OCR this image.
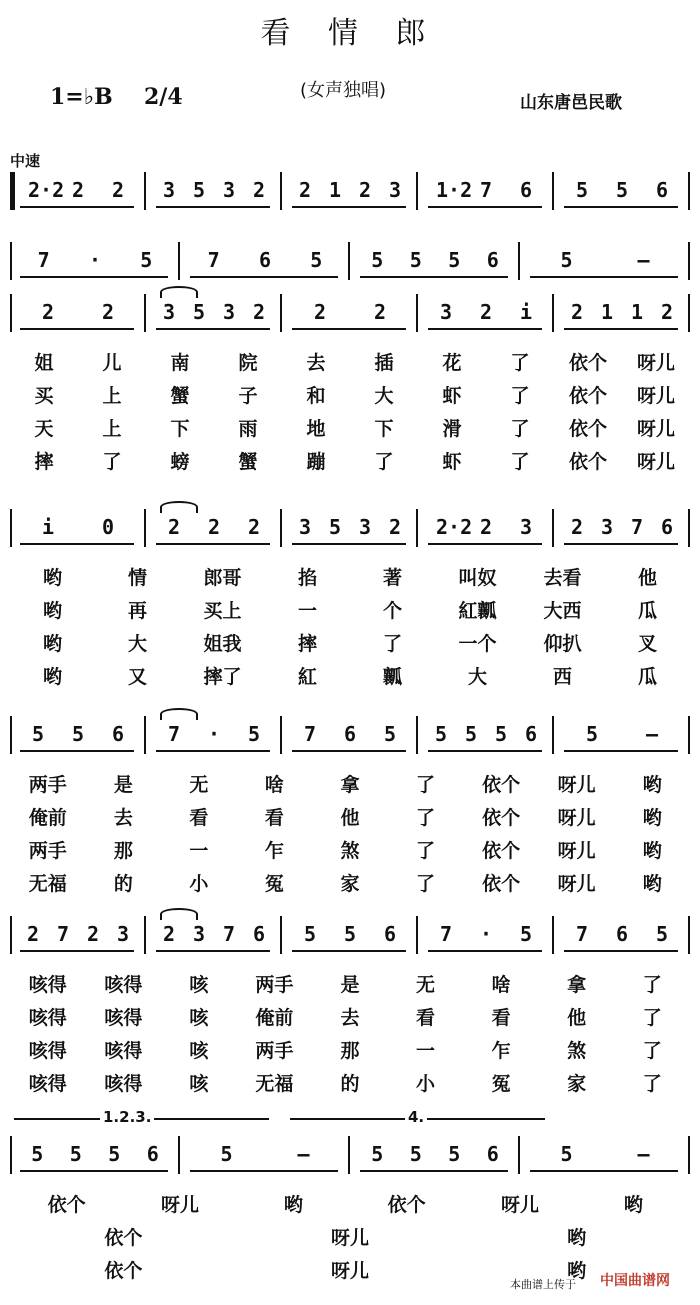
看 情 郎
1=♭B 2/4	(女声独唱)
山东唐邑民歌
中速
2·2 2 2 3 5 3 2 2 1 2 3 1·2 7 6 5 5 6
7 · 5	7 6 5 5 5 5 6	5	—
2 2 3 5 3 2 2 2	3 2 i 2 1 1 2
姐	儿	南	院	去	插	花	了	依个	呀儿
买	上	蟹	子	和	大	虾	了	依个	呀儿
天	上	下	雨	地	下	滑	了	依个	呀儿
摔	了	螃	蟹	蹦	了	虾	了	依个	呀儿
i 0	2 2 2 3 5 3 2 2·2 2 3 2 3 7 6
哟	情	郎哥	掐	著	叫奴	去看	他
哟	再	买上	一	个	紅瓤	大西	瓜
哟	大	姐我	摔	了	一个	仰扒	叉
哟	又	摔了	紅	瓤	大	西	瓜
5 5 6 7 · 5 7 6 5 5 5 5 6 5	—
两手	是	无	啥	拿	了	依个	呀儿	哟
俺前	去	看	看	他	了	依个	呀儿	哟
两手	那	一	乍	煞	了	依个	呀儿	哟
无福	的	小	冤	家	了	依个	呀儿	哟
2 7 2 3 2 3 7 6 5 5 6 7 · 5 7 6 5
咳得	咳得	咳	两手	是	无	啥	拿	了
咳得	咳得	咳	俺前	去	看	看	他	了
咳得	咳得	咳	两手	那	一	乍	煞	了
咳得	咳得	咳	无福	的	小	冤	家	了
5 5 5 6	5	—	5 5 5 6	5	—
1.2.3.	4.
依个	呀儿	哟	依个	呀儿	哟
依个	呀儿	哟
依个	呀儿	哟
本曲谱上传于 中国曲谱网
